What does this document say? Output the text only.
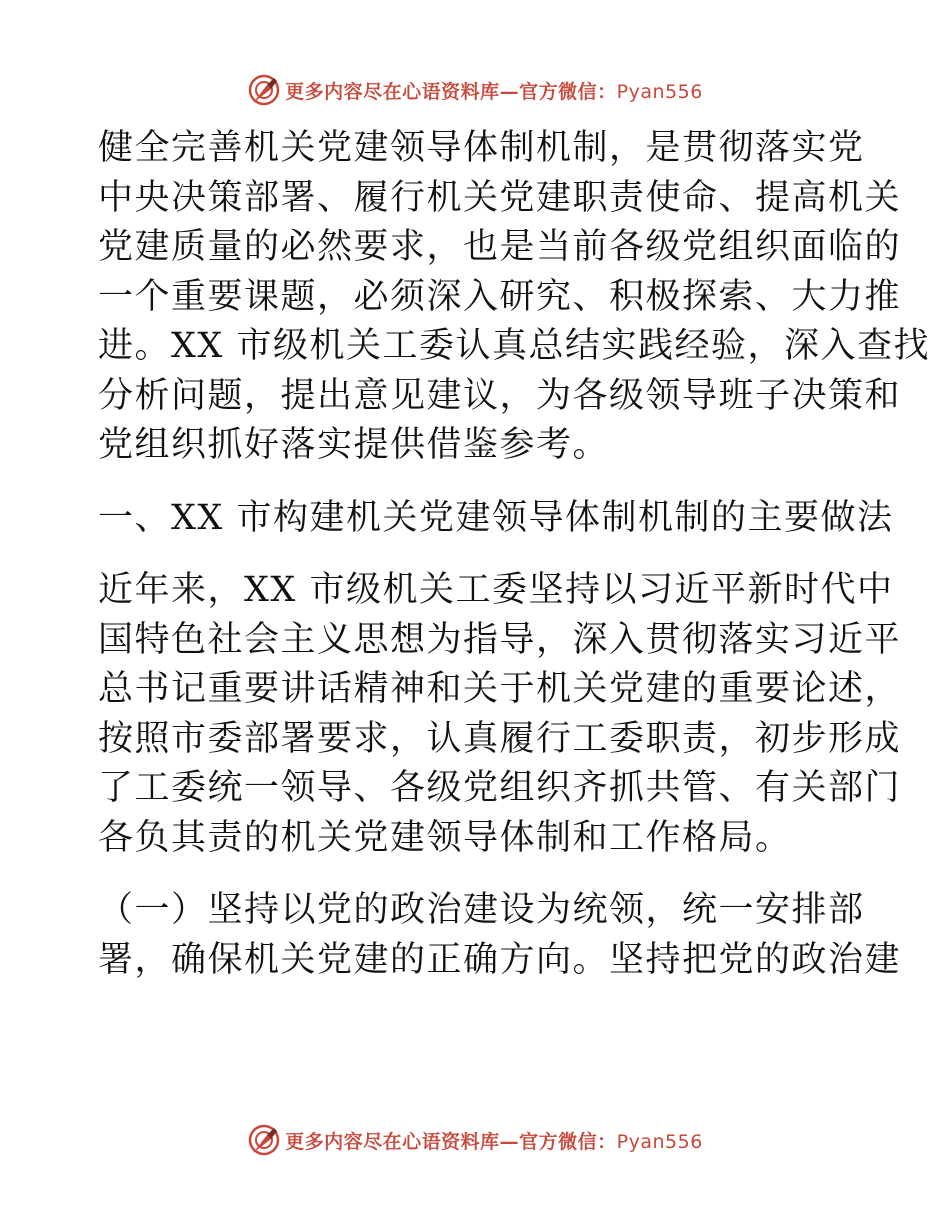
更多内容尽在心语资料库—官方微信：Pyan556
健全完善机关党建领导体制机制，是贯彻落实党
中央决策部署、履行机关党建职责使命、提高机关
党建质量的必然要求，也是当前各级党组织面临的
一个重要课题，必须深入研究、积极探索、大力推
进。XX 市级机关工委认真总结实践经验，深入查找
分析问题，提出意见建议，为各级领导班子决策和
党组织抓好落实提供借鉴参考。
一、XX 市构建机关党建领导体制机制的主要做法
近年来，XX 市级机关工委坚持以习近平新时代中
国特色社会主义思想为指导，深入贯彻落实习近平
总书记重要讲话精神和关于机关党建的重要论述，
按照市委部署要求，认真履行工委职责，初步形成
了工委统一领导、各级党组织齐抓共管、有关部门
各负其责的机关党建领导体制和工作格局。
（一）坚持以党的政治建设为统领，统一安排部
署，确保机关党建的正确方向。坚持把党的政治建
更多内容尽在心语资料库—官方微信：Pyan556
